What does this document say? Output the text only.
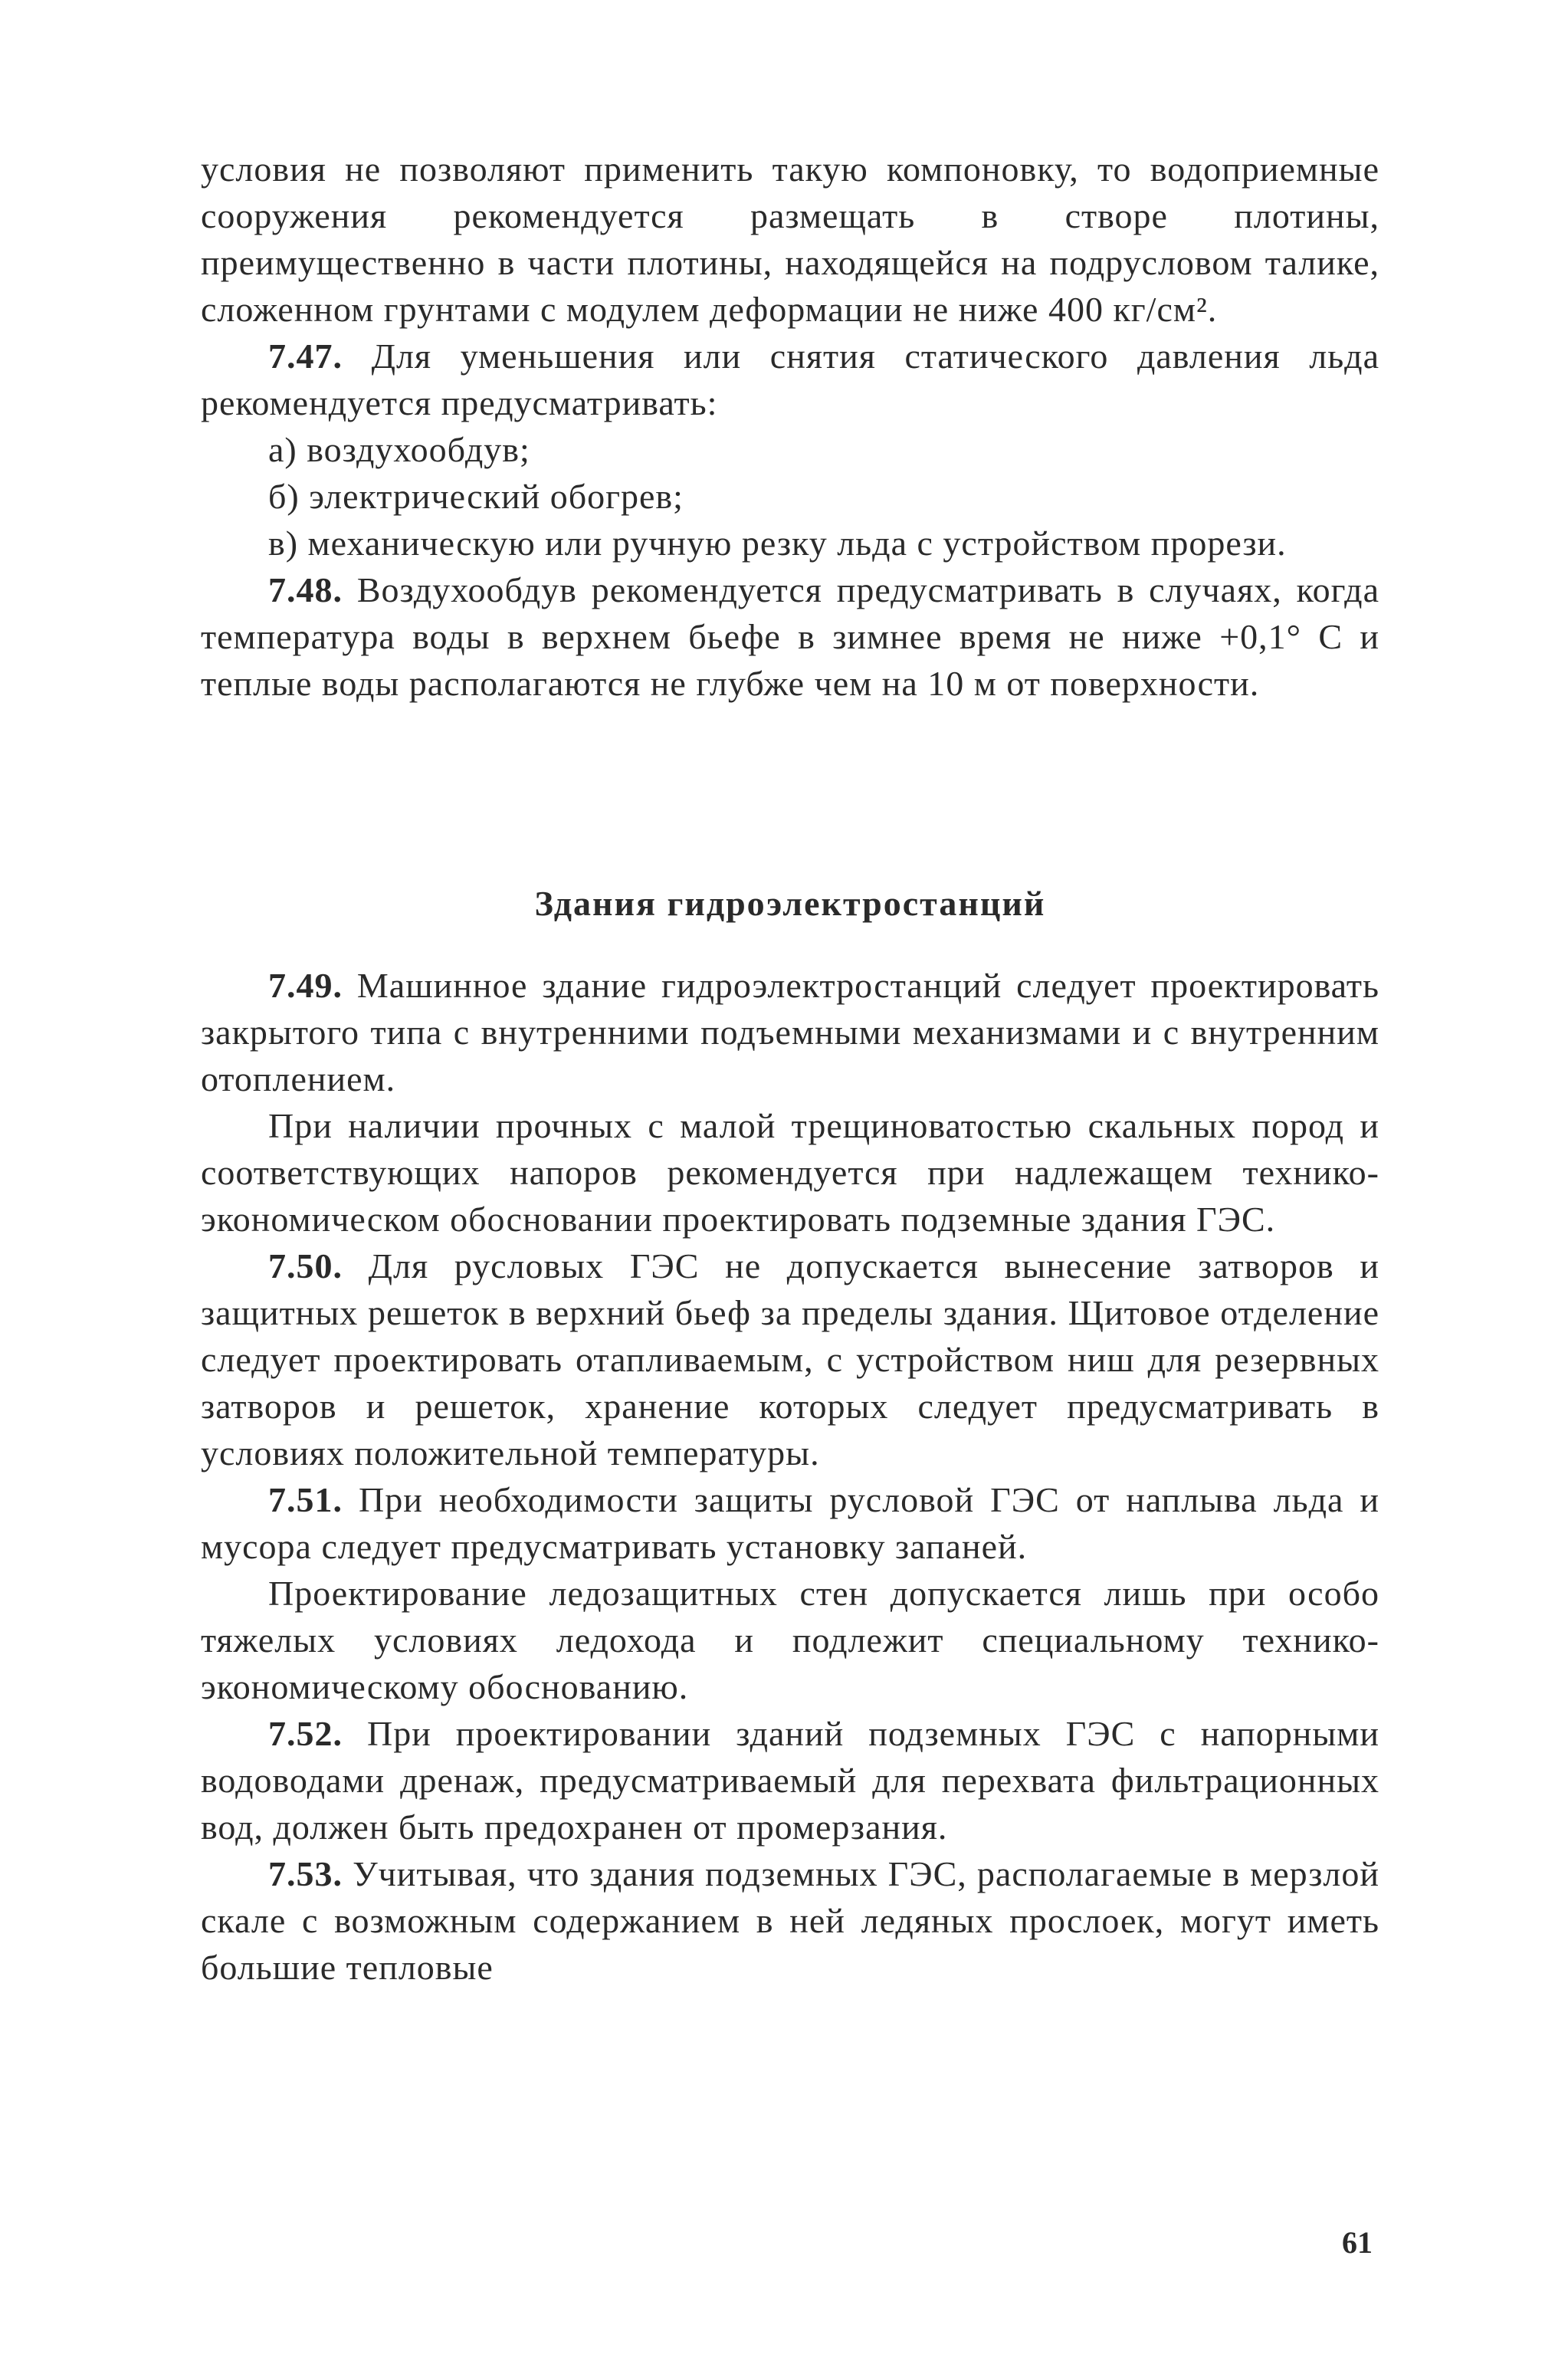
условия не позволяют применить такую компоновку, то водоприемные сооружения рекомендуется размещать в створе плотины, преимущественно в части плотины, находящейся на подрусловом талике, сложенном грунтами с модулем деформации не ниже 400 кг/см².

7.47. Для уменьшения или снятия статического давления льда рекомендуется предусматривать:

а) воздухообдув;

б) электрический обогрев;

в) механическую или ручную резку льда с устройством прорези.

7.48. Воздухообдув рекомендуется предусматривать в случаях, когда температура воды в верхнем бьефе в зимнее время не ниже +0,1° С и теплые воды располагаются не глубже чем на 10 м от поверхности.

Здания гидроэлектростанций

7.49. Машинное здание гидроэлектростанций следует проектировать закрытого типа с внутренними подъемными механизмами и с внутренним отоплением.

При наличии прочных с малой трещиноватостью скальных пород и соответствующих напоров рекомендуется при надлежащем технико-экономическом обосновании проектировать подземные здания ГЭС.

7.50. Для русловых ГЭС не допускается вынесение затворов и защитных решеток в верхний бьеф за пределы здания. Щитовое отделение следует проектировать отапливаемым, с устройством ниш для резервных затворов и решеток, хранение которых следует предусматривать в условиях положительной температуры.

7.51. При необходимости защиты русловой ГЭС от наплыва льда и мусора следует предусматривать установку запаней.

Проектирование ледозащитных стен допускается лишь при особо тяжелых условиях ледохода и подлежит специальному технико-экономическому обоснованию.

7.52. При проектировании зданий подземных ГЭС с напорными водоводами дренаж, предусматриваемый для перехвата фильтрационных вод, должен быть предохранен от промерзания.

7.53. Учитывая, что здания подземных ГЭС, располагаемые в мерзлой скале с возможным содержанием в ней ледяных прослоек, могут иметь большие тепловые

61
